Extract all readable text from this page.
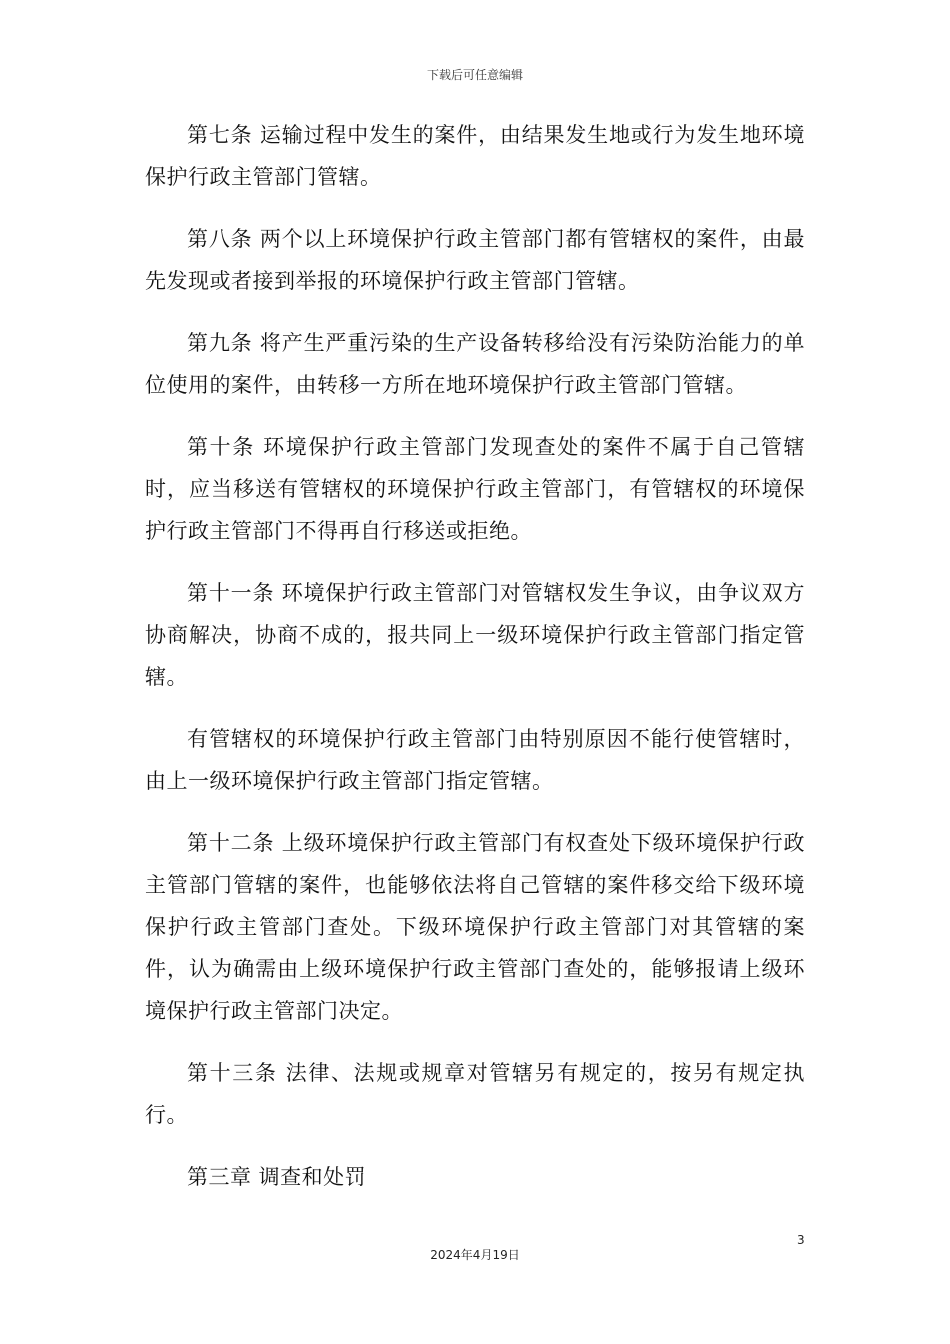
下载后可任意编辑

第七条 运输过程中发生的案件，由结果发生地或行为发生地环境保护行政主管部门管辖。

第八条 两个以上环境保护行政主管部门都有管辖权的案件，由最先发现或者接到举报的环境保护行政主管部门管辖。

第九条 将产生严重污染的生产设备转移给没有污染防治能力的单位使用的案件，由转移一方所在地环境保护行政主管部门管辖。

第十条 环境保护行政主管部门发现查处的案件不属于自己管辖时，应当移送有管辖权的环境保护行政主管部门，有管辖权的环境保护行政主管部门不得再自行移送或拒绝。

第十一条 环境保护行政主管部门对管辖权发生争议，由争议双方协商解决，协商不成的，报共同上一级环境保护行政主管部门指定管辖。

有管辖权的环境保护行政主管部门由特别原因不能行使管辖时，由上一级环境保护行政主管部门指定管辖。

第十二条 上级环境保护行政主管部门有权查处下级环境保护行政主管部门管辖的案件，也能够依法将自己管辖的案件移交给下级环境保护行政主管部门查处。下级环境保护行政主管部门对其管辖的案件，认为确需由上级环境保护行政主管部门查处的，能够报请上级环境保护行政主管部门决定。

第十三条 法律、法规或规章对管辖另有规定的，按另有规定执行。

第三章 调查和处罚

3
2024年4月19日
